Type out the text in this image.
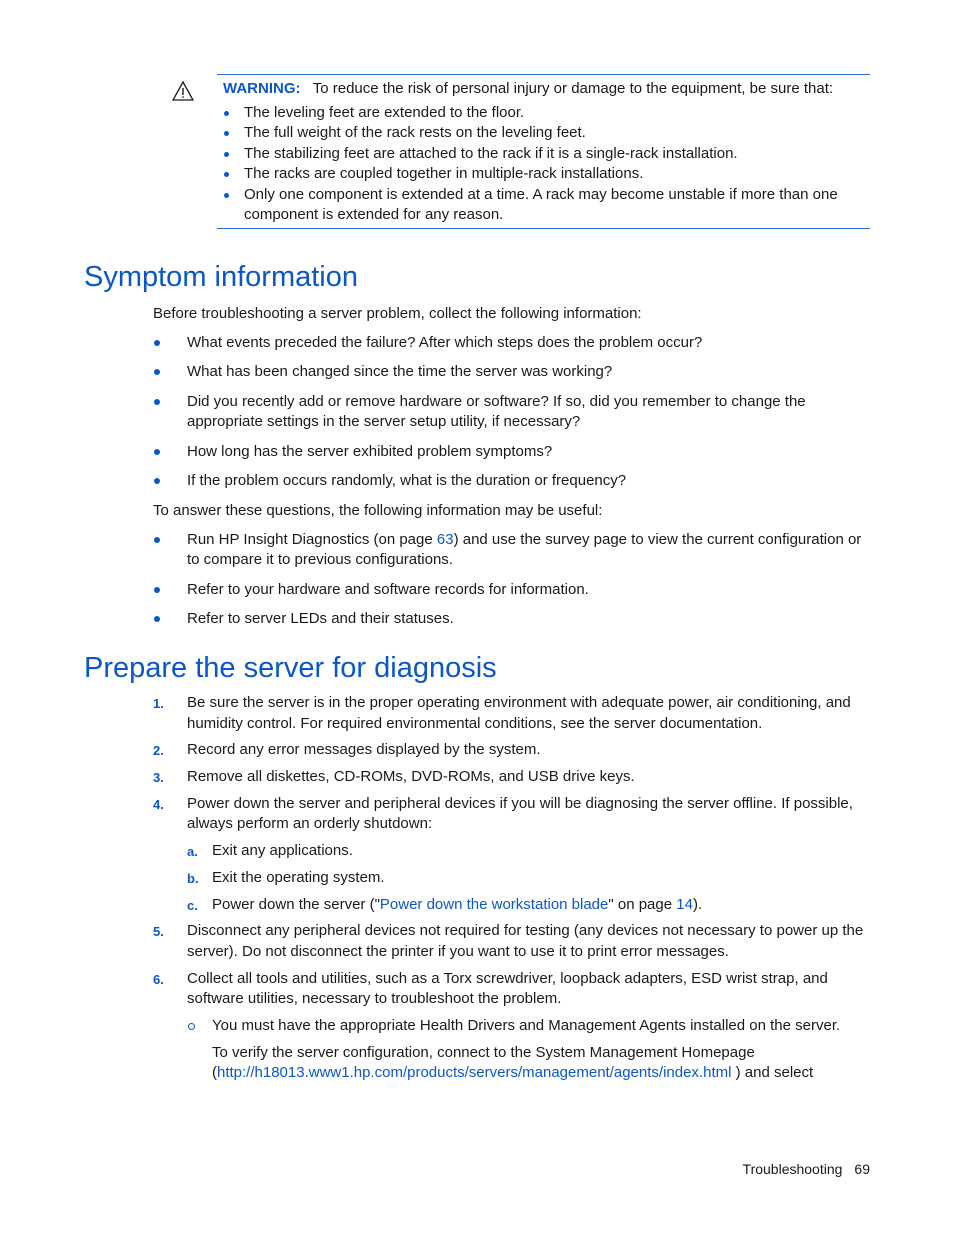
WARNING: To reduce the risk of personal injury or damage to the equipment, be sure that:
The leveling feet are extended to the floor.
The full weight of the rack rests on the leveling feet.
The stabilizing feet are attached to the rack if it is a single-rack installation.
The racks are coupled together in multiple-rack installations.
Only one component is extended at a time. A rack may become unstable if more than one
component is extended for any reason.
Symptom information
Before troubleshooting a server problem, collect the following information:
What events preceded the failure? After which steps does the problem occur?
What has been changed since the time the server was working?
Did you recently add or remove hardware or software? If so, did you remember to change the
appropriate settings in the server setup utility, if necessary?
How long has the server exhibited problem symptoms?
If the problem occurs randomly, what is the duration or frequency?
To answer these questions, the following information may be useful:
Run HP Insight Diagnostics (on page 63) and use the survey page to view the current configuration or
to compare it to previous configurations.
Refer to your hardware and software records for information.
Refer to server LEDs and their statuses.
Prepare the server for diagnosis
1. Be sure the server is in the proper operating environment with adequate power, air conditioning, and
humidity control. For required environmental conditions, see the server documentation.
2. Record any error messages displayed by the system.
3. Remove all diskettes, CD-ROMs, DVD-ROMs, and USB drive keys.
4. Power down the server and peripheral devices if you will be diagnosing the server offline. If possible,
always perform an orderly shutdown:
a. Exit any applications.
b. Exit the operating system.
c. Power down the server ("Power down the workstation blade" on page 14).
5. Disconnect any peripheral devices not required for testing (any devices not necessary to power up the
server). Do not disconnect the printer if you want to use it to print error messages.
6. Collect all tools and utilities, such as a Torx screwdriver, loopback adapters, ESD wrist strap, and
software utilities, necessary to troubleshoot the problem.
You must have the appropriate Health Drivers and Management Agents installed on the server.
To verify the server configuration, connect to the System Management Homepage
(http://h18013.www1.hp.com/products/servers/management/agents/index.html ) and select
Troubleshooting 69
